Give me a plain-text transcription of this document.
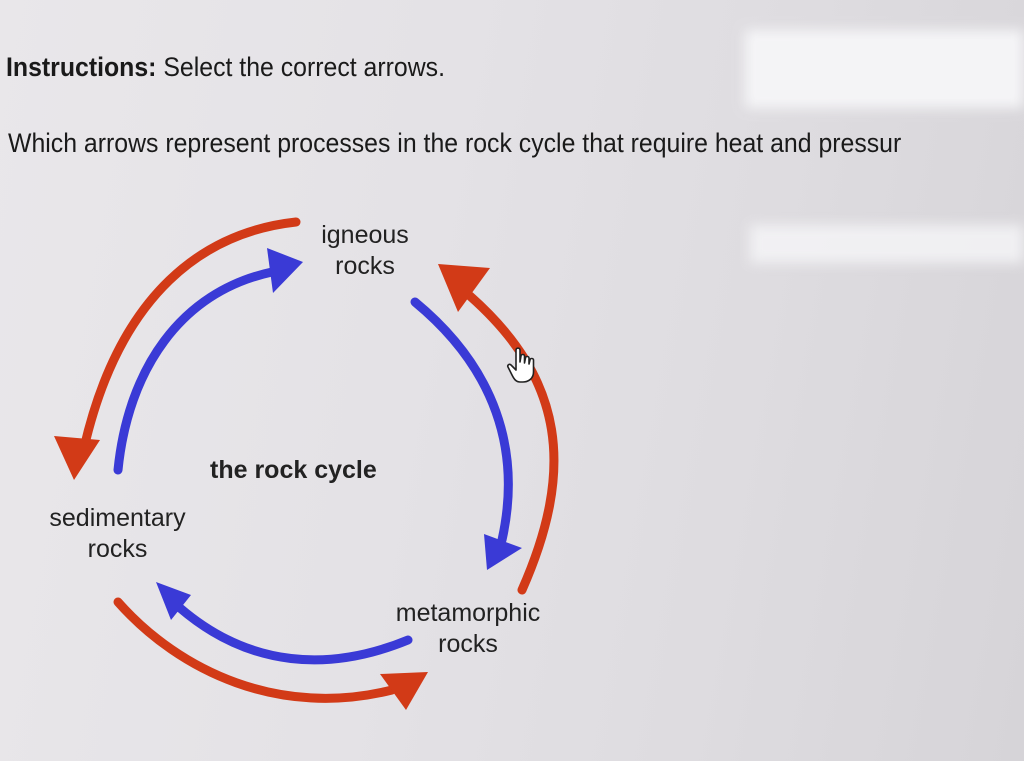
Instructions: Select the correct arrows.
Which arrows represent processes in the rock cycle that require heat and pressur
igneous
rocks
sedimentary
rocks
metamorphic
rocks
the rock cycle
